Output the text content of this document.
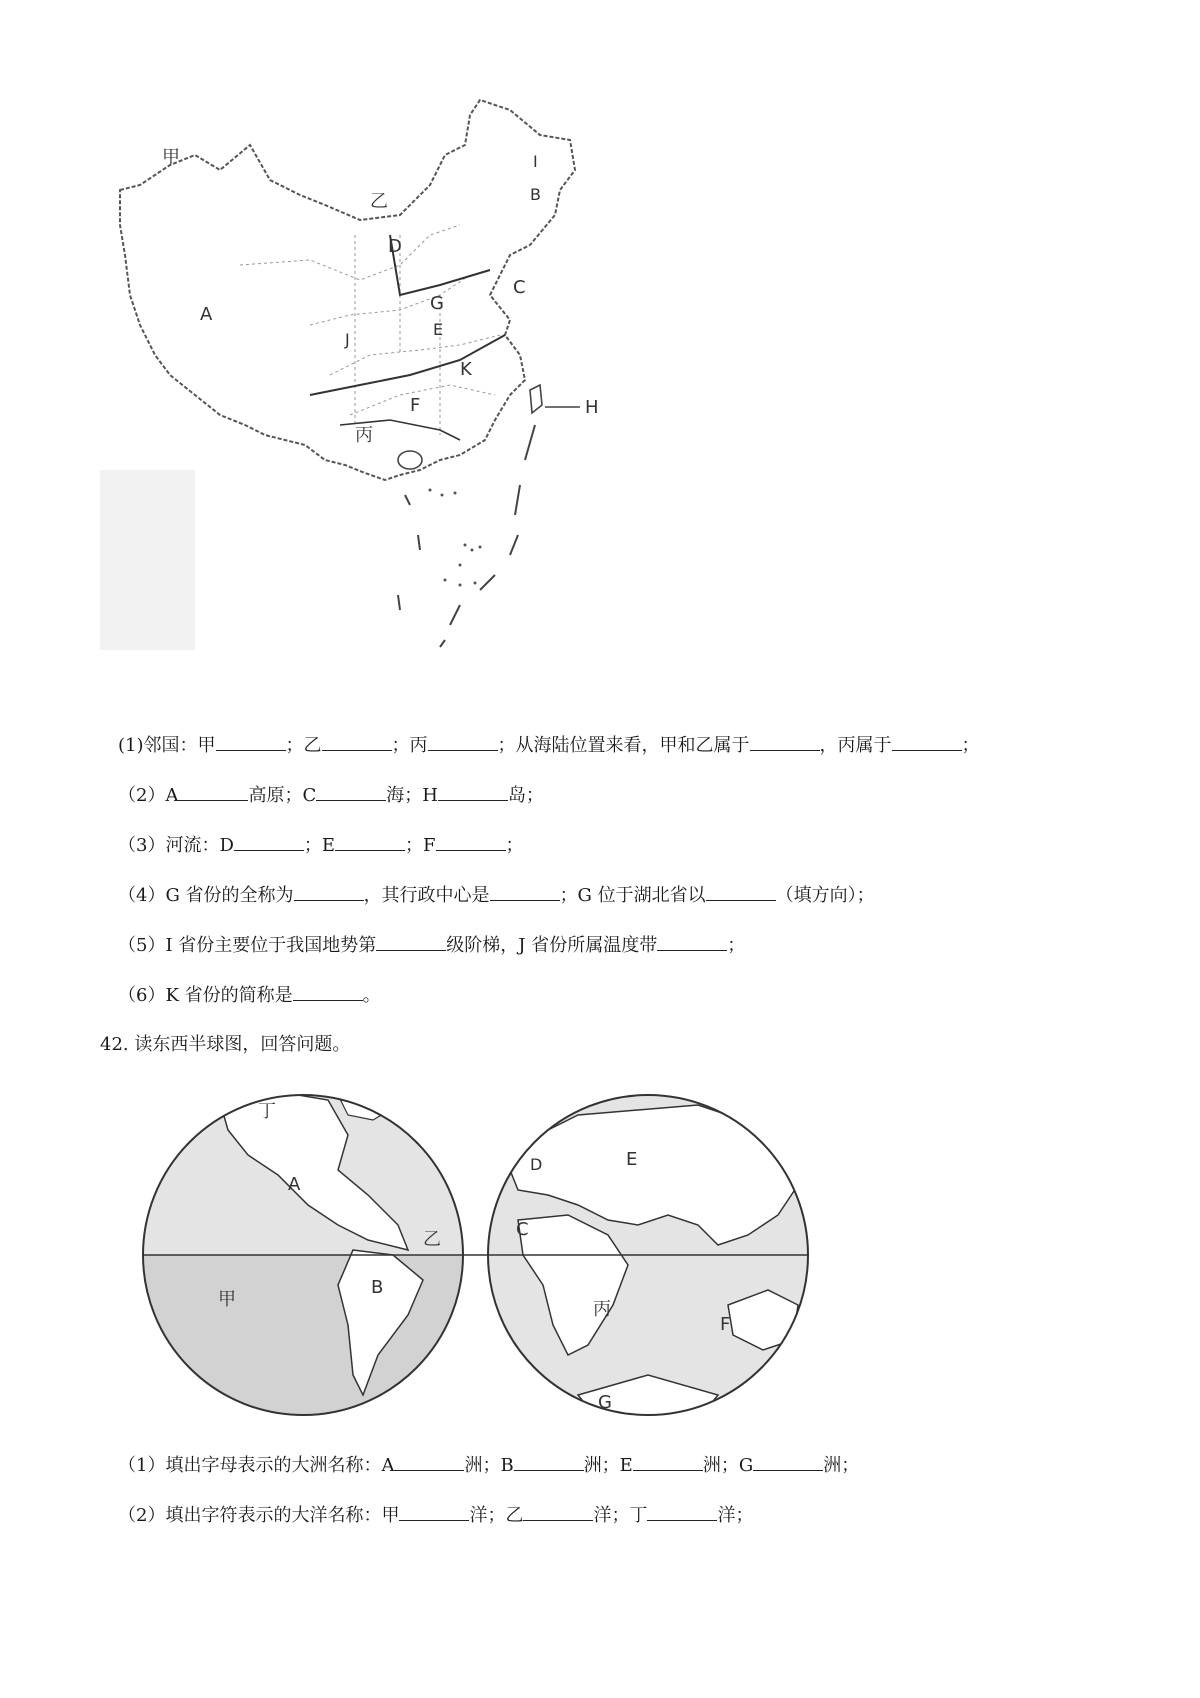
甲
乙
丙
A
B
C
D
E
F
G
H
I
J
K
(1)邻国：甲	；乙	；丙	；从海陆位置来看，甲和乙属于	，丙属于	；
（2）A	高原；C	海；H	岛；
（3）河流：D	；E	；F	；
（4）G 省份的全称为	，其行政中心是	；G 位于湖北省以	（填方向）；
（5）I 省份主要位于我国地势第	级阶梯，J 省份所属温度带	；
（6）K 省份的简称是	。
42. 读东西半球图，回答问题。
丁
乙
甲	丙
A
B
C
D	E
F
G
（1）填出字母表示的大洲名称：A	洲；B	洲；E	洲；G	洲；
（2）填出字符表示的大洋名称：甲	洋；乙	洋；丁	洋；
